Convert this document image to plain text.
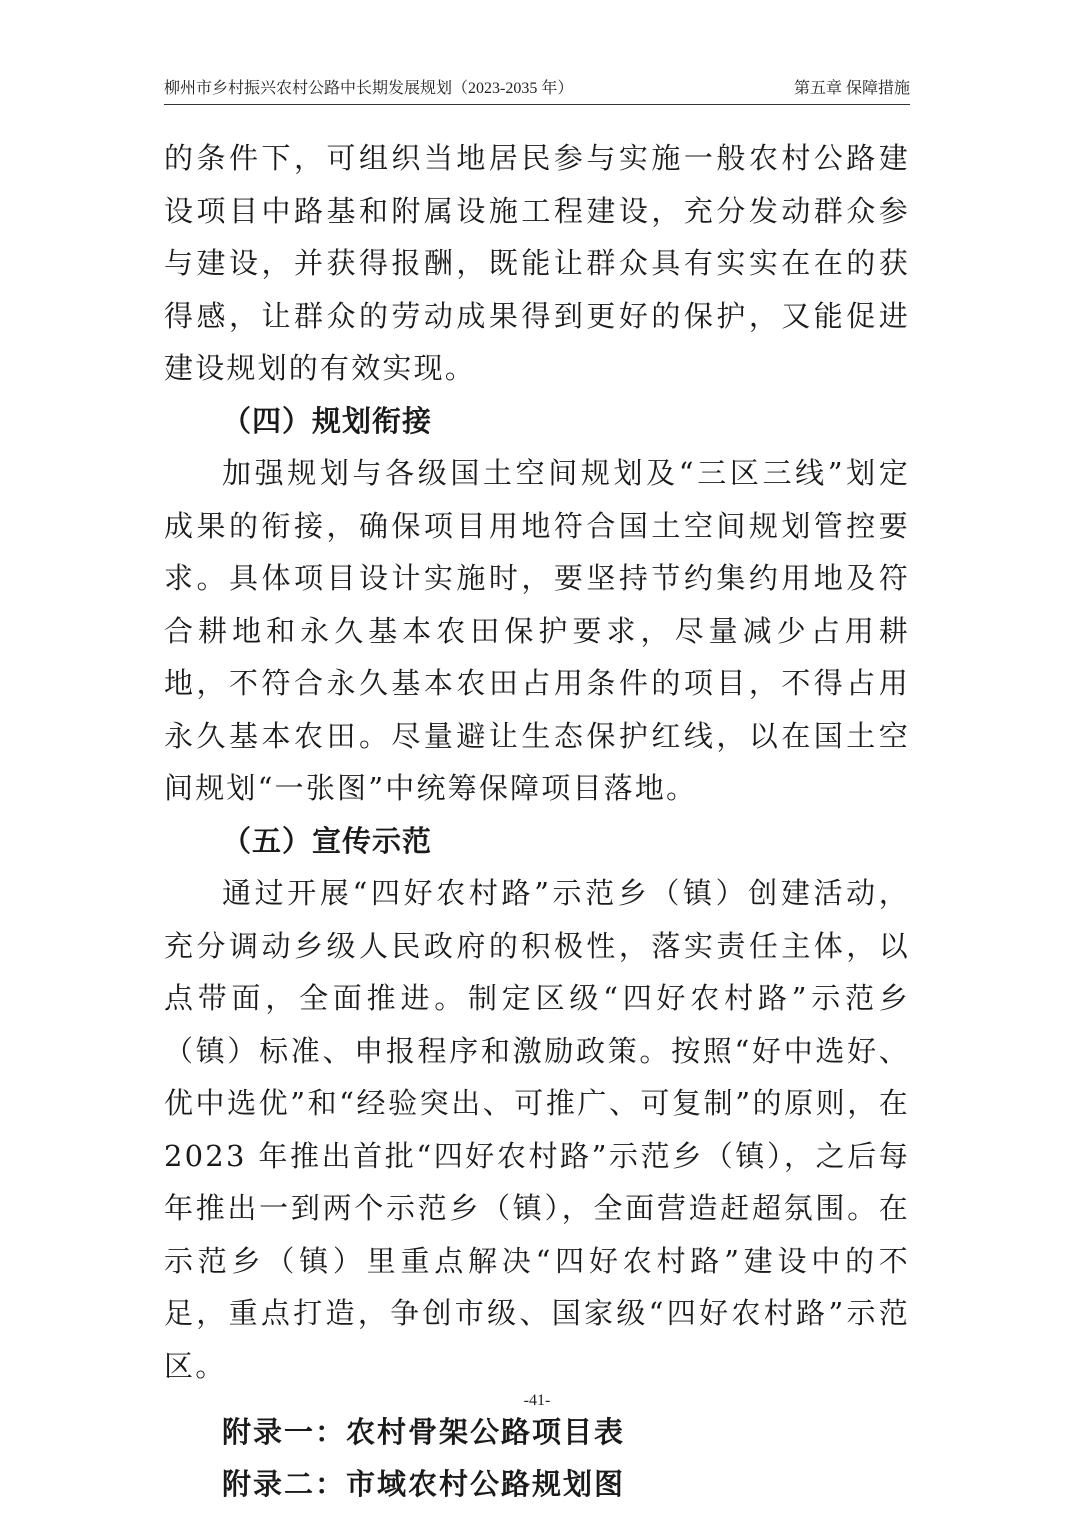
柳州市乡村振兴农村公路中长期发展规划（2023-2035 年）	第五章 保障措施

的条件下，可组织当地居民参与实施一般农村公路建设项目中路基和附属设施工程建设，充分发动群众参与建设，并获得报酬，既能让群众具有实实在在的获得感，让群众的劳动成果得到更好的保护，又能促进建设规划的有效实现。

（四）规划衔接

加强规划与各级国土空间规划及“三区三线”划定成果的衔接，确保项目用地符合国土空间规划管控要求。具体项目设计实施时，要坚持节约集约用地及符合耕地和永久基本农田保护要求，尽量减少占用耕地，不符合永久基本农田占用条件的项目，不得占用永久基本农田。尽量避让生态保护红线，以在国土空间规划“一张图”中统筹保障项目落地。

（五）宣传示范

通过开展“四好农村路”示范乡（镇）创建活动，充分调动乡级人民政府的积极性，落实责任主体，以点带面，全面推进。制定区级“四好农村路”示范乡（镇）标准、申报程序和激励政策。按照“好中选好、优中选优”和“经验突出、可推广、可复制”的原则，在 2023 年推出首批“四好农村路”示范乡（镇），之后每年推出一到两个示范乡（镇），全面营造赶超氛围。在示范乡（镇）里重点解决“四好农村路”建设中的不足，重点打造，争创市级、国家级“四好农村路”示范区。

附录一：农村骨架公路项目表

附录二：市域农村公路规划图

-41-
